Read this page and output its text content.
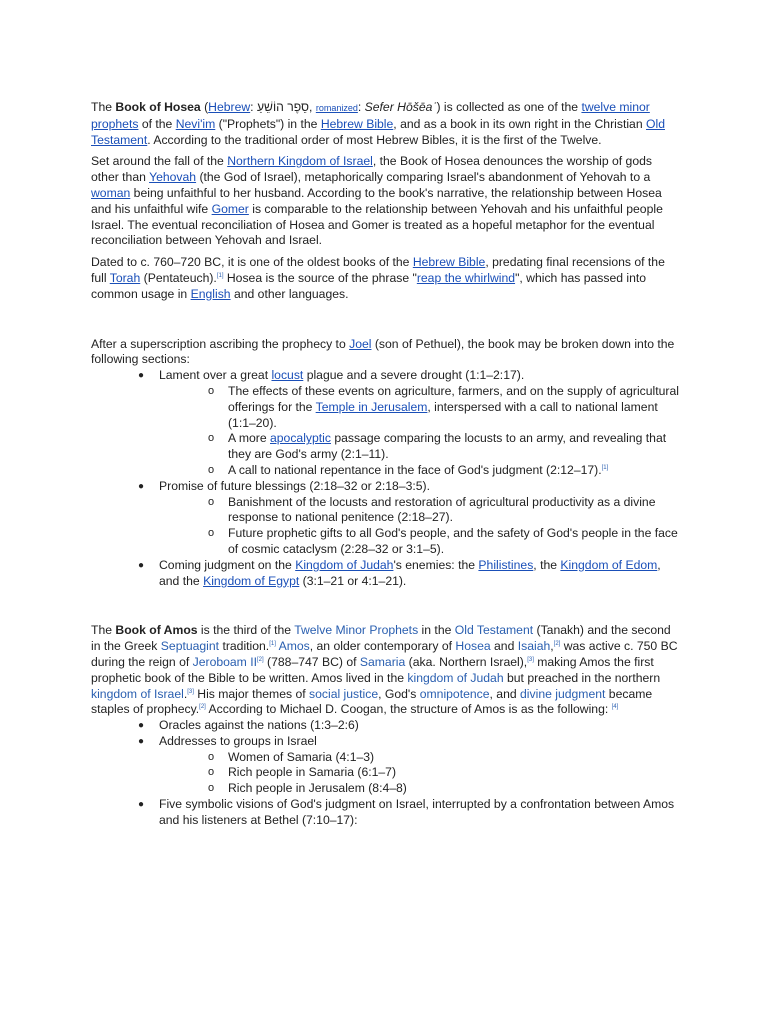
The Book of Hosea (Hebrew: סֵפֶר הוֹשֵׁעַ, romanized: Sefer Hōšēaʿ) is collected as one of the twelve minor prophets of the Nevi'im ("Prophets") in the Hebrew Bible, and as a book in its own right in the Christian Old Testament. According to the traditional order of most Hebrew Bibles, it is the first of the Twelve.

Set around the fall of the Northern Kingdom of Israel, the Book of Hosea denounces the worship of gods other than Yehovah (the God of Israel), metaphorically comparing Israel's abandonment of Yehovah to a woman being unfaithful to her husband. According to the book's narrative, the relationship between Hosea and his unfaithful wife Gomer is comparable to the relationship between Yehovah and his unfaithful people Israel. The eventual reconciliation of Hosea and Gomer is treated as a hopeful metaphor for the eventual reconciliation between Yehovah and Israel.

Dated to c. 760–720 BC, it is one of the oldest books of the Hebrew Bible, predating final recensions of the full Torah (Pentateuch).[1] Hosea is the source of the phrase "reap the whirlwind", which has passed into common usage in English and other languages.

After a superscription ascribing the prophecy to Joel (son of Pethuel), the book may be broken down into the following sections:

● Lament over a great locust plague and a severe drought (1:1–2:17).
o The effects of these events on agriculture, farmers, and on the supply of agricultural offerings for the Temple in Jerusalem, interspersed with a call to national lament (1:1–20).
o A more apocalyptic passage comparing the locusts to an army, and revealing that they are God's army (2:1–11).
o A call to national repentance in the face of God's judgment (2:12–17).[1]
● Promise of future blessings (2:18–32 or 2:18–3:5).
o Banishment of the locusts and restoration of agricultural productivity as a divine response to national penitence (2:18–27).
o Future prophetic gifts to all God's people, and the safety of God's people in the face of cosmic cataclysm (2:28–32 or 3:1–5).
● Coming judgment on the Kingdom of Judah's enemies: the Philistines, the Kingdom of Edom, and the Kingdom of Egypt (3:1–21 or 4:1–21).

The Book of Amos is the third of the Twelve Minor Prophets in the Old Testament (Tanakh) and the second in the Greek Septuagint tradition.[1] Amos, an older contemporary of Hosea and Isaiah,[2] was active c. 750 BC during the reign of Jeroboam II[2] (788–747 BC) of Samaria (aka. Northern Israel),[3] making Amos the first prophetic book of the Bible to be written. Amos lived in the kingdom of Judah but preached in the northern kingdom of Israel.[3] His major themes of social justice, God's omnipotence, and divine judgment became staples of prophecy.[2] According to Michael D. Coogan, the structure of Amos is as the following: [4]

● Oracles against the nations (1:3–2:6)
● Addresses to groups in Israel
o Women of Samaria (4:1–3)
o Rich people in Samaria (6:1–7)
o Rich people in Jerusalem (8:4–8)
● Five symbolic visions of God's judgment on Israel, interrupted by a confrontation between Amos and his listeners at Bethel (7:10–17):
